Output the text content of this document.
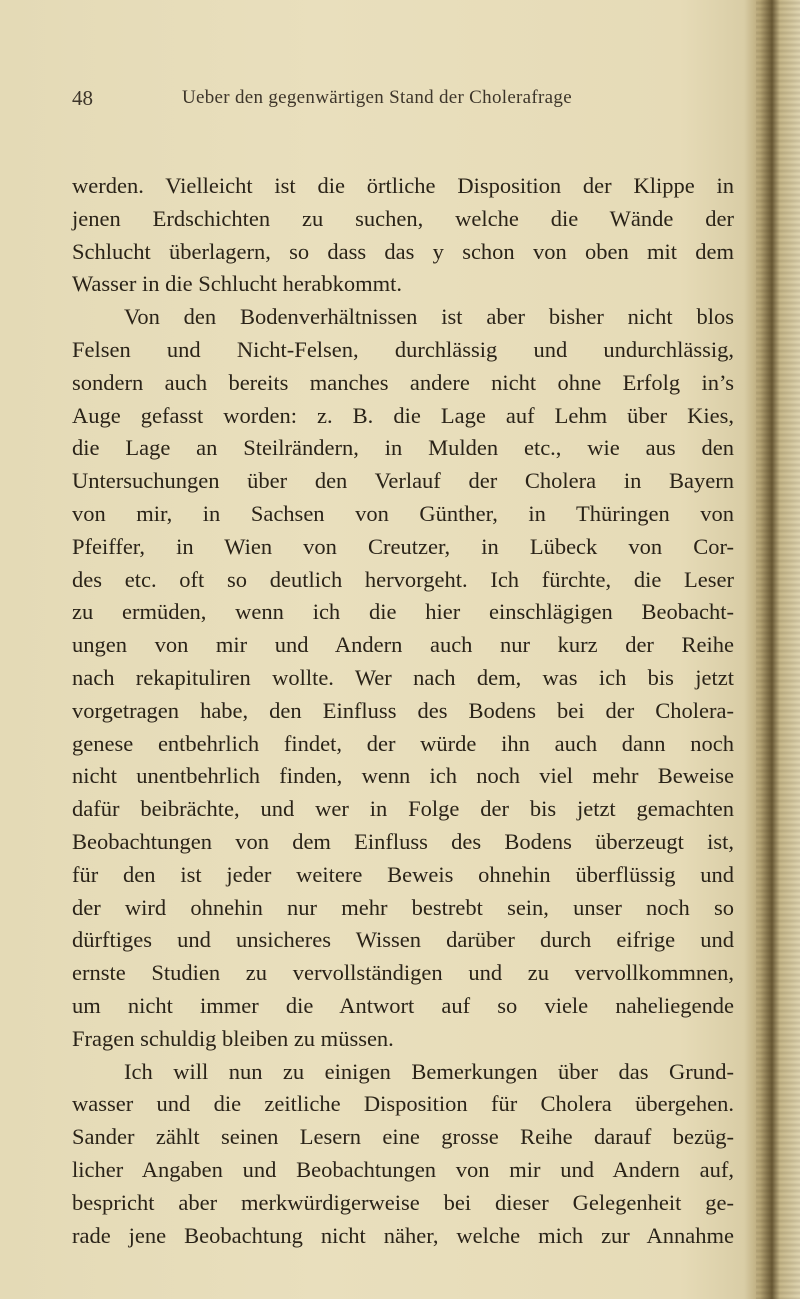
48	Ueber den gegenwärtigen Stand der Cholerafrage
werden. Vielleicht ist die örtliche Disposition der Klippe in
jenen Erdschichten zu suchen, welche die Wände der
Schlucht überlagern, so dass das y schon von oben mit dem
Wasser in die Schlucht herabkommt.
Von den Bodenverhältnissen ist aber bisher nicht blos
Felsen und Nicht-Felsen, durchlässig und undurchlässig,
sondern auch bereits manches andere nicht ohne Erfolg in’s
Auge gefasst worden: z. B. die Lage auf Lehm über Kies,
die Lage an Steilrändern, in Mulden etc., wie aus den
Untersuchungen über den Verlauf der Cholera in Bayern
von mir, in Sachsen von Günther, in Thüringen von
Pfeiffer, in Wien von Creutzer, in Lübeck von Cor-
des etc. oft so deutlich hervorgeht. Ich fürchte, die Leser
zu ermüden, wenn ich die hier einschlägigen Beobacht-
ungen von mir und Andern auch nur kurz der Reihe
nach rekapituliren wollte. Wer nach dem, was ich bis jetzt
vorgetragen habe, den Einfluss des Bodens bei der Cholera-
genese entbehrlich findet, der würde ihn auch dann noch
nicht unentbehrlich finden, wenn ich noch viel mehr Beweise
dafür beibrächte, und wer in Folge der bis jetzt gemachten
Beobachtungen von dem Einfluss des Bodens überzeugt ist,
für den ist jeder weitere Beweis ohnehin überflüssig und
der wird ohnehin nur mehr bestrebt sein, unser noch so
dürftiges und unsicheres Wissen darüber durch eifrige und
ernste Studien zu vervollständigen und zu vervollkommnen,
um nicht immer die Antwort auf so viele naheliegende
Fragen schuldig bleiben zu müssen.
Ich will nun zu einigen Bemerkungen über das Grund-
wasser und die zeitliche Disposition für Cholera übergehen.
Sander zählt seinen Lesern eine grosse Reihe darauf bezüg-
licher Angaben und Beobachtungen von mir und Andern auf,
bespricht aber merkwürdigerweise bei dieser Gelegenheit ge-
rade jene Beobachtung nicht näher, welche mich zur Annahme
